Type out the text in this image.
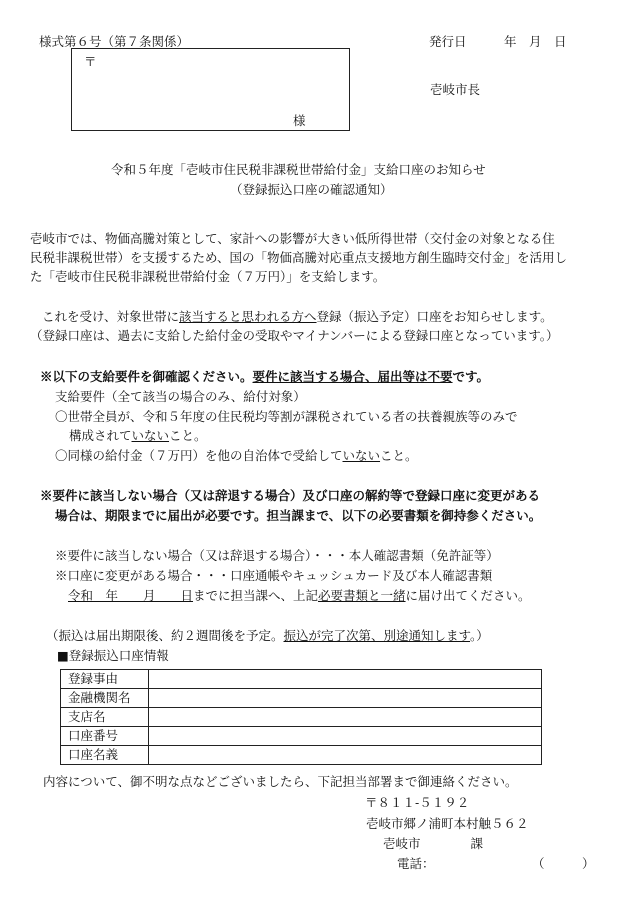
様式第６号（第７条関係）	発行日　　　年　月　日
〒
様
壱岐市長
令和５年度「壱岐市住民税非課税世帯給付金」支給口座のお知らせ
（登録振込口座の確認通知）
壱岐市では、物価高騰対策として、家計への影響が大きい低所得世帯（交付金の対象となる住
民税非課税世帯）を支援するため、国の「物価高騰対応重点支援地方創生臨時交付金」を活用し
た「壱岐市住民税非課税世帯給付金（７万円）」を支給します。
これを受け、対象世帯に該当すると思われる方へ登録（振込予定）口座をお知らせします。
（登録口座は、過去に支給した給付金の受取やマイナンバーによる登録口座となっています。）
※以下の支給要件を御確認ください。要件に該当する場合、届出等は不要です。
支給要件（全て該当の場合のみ、給付対象）
〇世帯全員が、令和５年度の住民税均等割が課税されている者の扶養親族等のみで
構成されていないこと。
〇同様の給付金（７万円）を他の自治体で受給していないこと。
※要件に該当しない場合（又は辞退する場合）及び口座の解約等で登録口座に変更がある
場合は、期限までに届出が必要です。担当課まで、以下の必要書類を御持参ください。
※要件に該当しない場合（又は辞退する場合）・・・本人確認書類（免許証等）
※口座に変更がある場合・・・口座通帳やキュッシュカード及び本人確認書類
令和　年　　月　　日までに担当課へ、上記必要書類と一緒に届け出てください。
（振込は届出期限後、約２週間後を予定。振込が完了次第、別途通知します。）
■登録振込口座情報
登録事由	
金融機関名	
支店名	
口座番号	
口座名義	
内容について、御不明な点などございましたら、下記担当部署まで御連絡ください。
〒８１１-５１９２
壱岐市郷ノ浦町本村触５６２
壱岐市　　　　課
電話：	（　　　）
